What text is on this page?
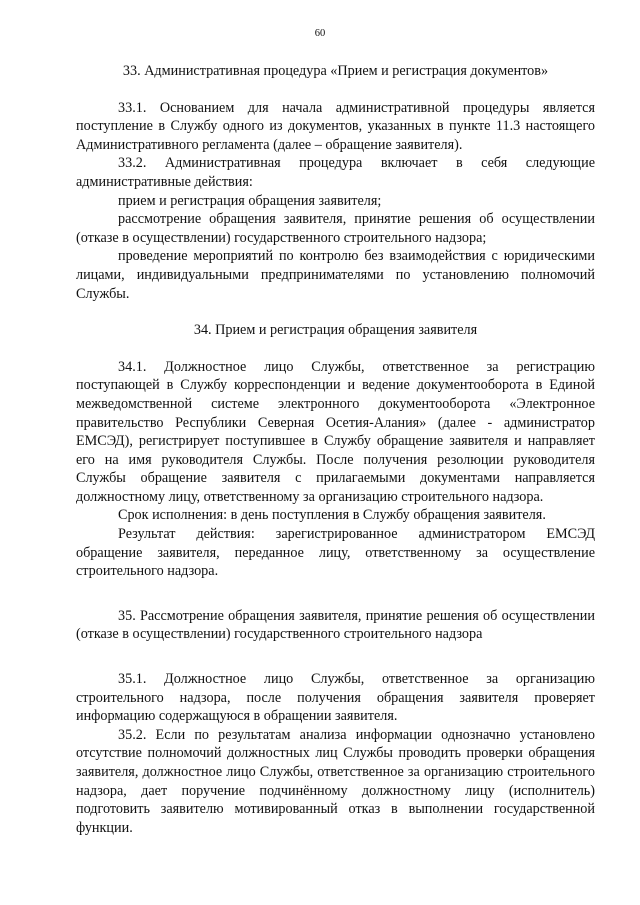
60

33. Административная процедура «Прием и регистрация документов»

33.1. Основанием для начала административной процедуры является поступление в Службу одного из документов, указанных в пункте 11.3 настоящего Административного регламента (далее – обращение заявителя).

33.2. Административная процедура включает в себя следующие административные действия:

прием и регистрация обращения заявителя;

рассмотрение обращения заявителя, принятие решения об осуществлении (отказе в осуществлении) государственного строительного надзора;

проведение мероприятий по контролю без взаимодействия с юридическими лицами, индивидуальными предпринимателями по установлению полномочий Службы.

34. Прием и регистрация обращения заявителя

34.1. Должностное лицо Службы, ответственное за регистрацию поступающей в Службу корреспонденции и ведение документооборота в Единой межведомственной системе электронного документооборота «Электронное правительство Республики Северная Осетия-Алания» (далее - администратор ЕМСЭД), регистрирует поступившее в Службу обращение заявителя и направляет его на имя руководителя Службы. После получения резолюции руководителя Службы обращение заявителя с прилагаемыми документами направляется должностному лицу, ответственному за организацию строительного надзора.

Срок исполнения: в день поступления в Службу обращения заявителя.

Результат действия: зарегистрированное администратором ЕМСЭД обращение заявителя, переданное лицу, ответственному за осуществление строительного надзора.

35. Рассмотрение обращения заявителя, принятие решения об осуществлении (отказе в осуществлении) государственного строительного надзора

35.1. Должностное лицо Службы, ответственное за организацию строительного надзора, после получения обращения заявителя проверяет информацию содержащуюся в обращении заявителя.

35.2. Если по результатам анализа информации однозначно установлено отсутствие полномочий должностных лиц Службы проводить проверки обращения заявителя, должностное лицо Службы, ответственное за организацию строительного надзора, дает поручение подчинённому должностному лицу (исполнитель) подготовить заявителю мотивированный отказ в выполнении государственной функции.
